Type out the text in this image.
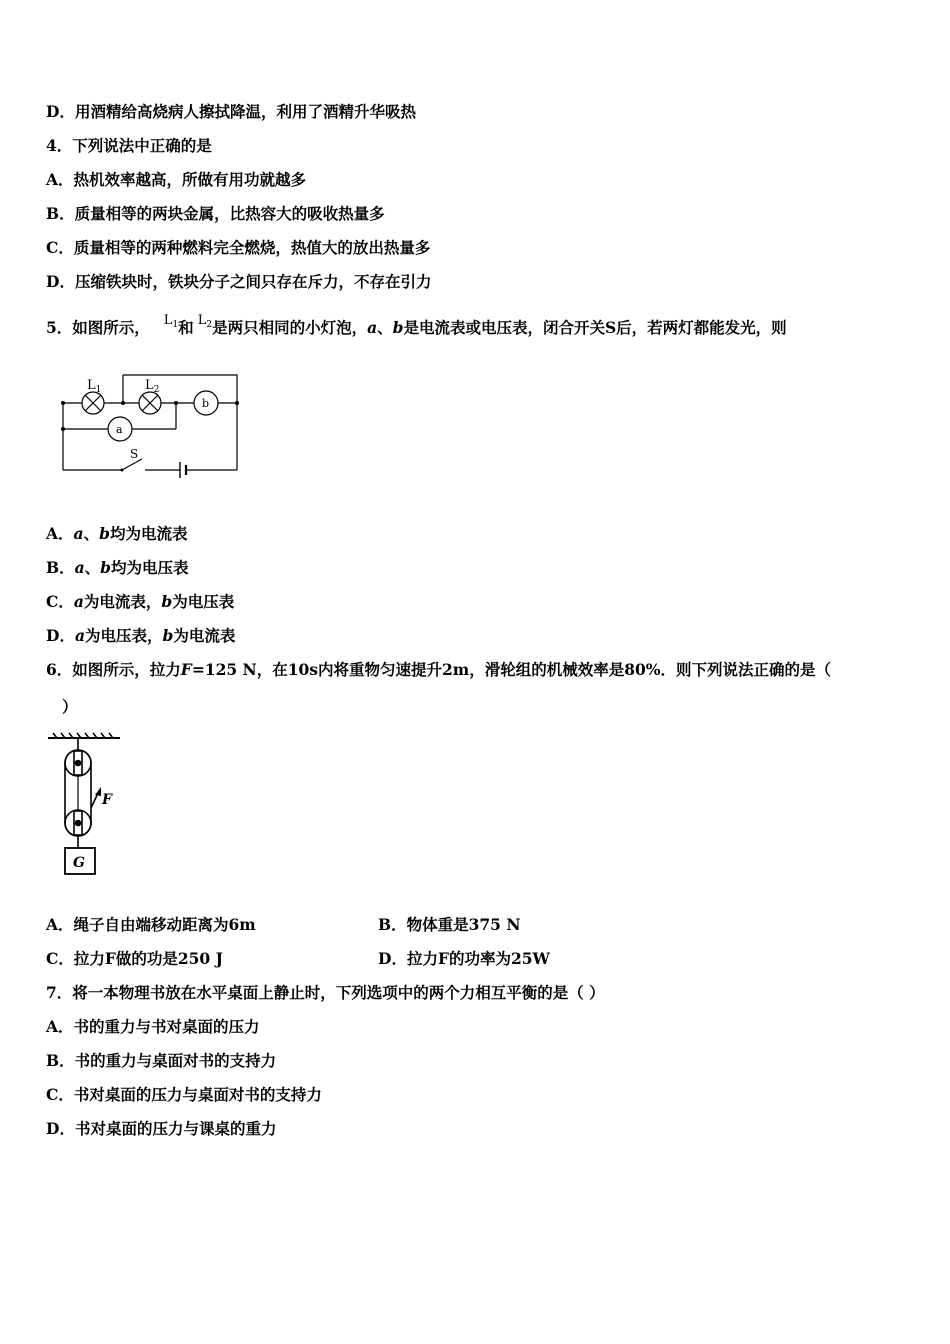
D．用酒精给高烧病人擦拭降温，利用了酒精升华吸热
4．下列说法中正确的是
A．热机效率越高，所做有用功就越多
B．质量相等的两块金属，比热容大的吸收热量多
C．质量相等的两种燃料完全燃烧，热值大的放出热量多
D．压缩铁块时，铁块分子之间只存在斥力，不存在引力
5．如图所示， $^{L1}$和 $^{L2}$是两只相同的小灯泡，a、b是电流表或电压表，闭合开关S后，若两灯都能发光，则
$L_1$	$L_2$
b
a
S
A．a、b均为电流表
B．a、b均为电压表
C．a为电流表，b为电压表
D．a为电压表，b为电流表
6．如图所示，拉力F=125 N，在10s内将重物匀速提升2m，滑轮组的机械效率是80%．则下列说法正确的是（
）
F
G
A．绳子自由端移动距离为6m	B．物体重是375 N
C．拉力F做的功是250 J	D．拉力F的功率为25W
7．将一本物理书放在水平桌面上静止时，下列选项中的两个力相互平衡的是（ ）
A．书的重力与书对桌面的压力
B．书的重力与桌面对书的支持力
C．书对桌面的压力与桌面对书的支持力
D．书对桌面的压力与课桌的重力
